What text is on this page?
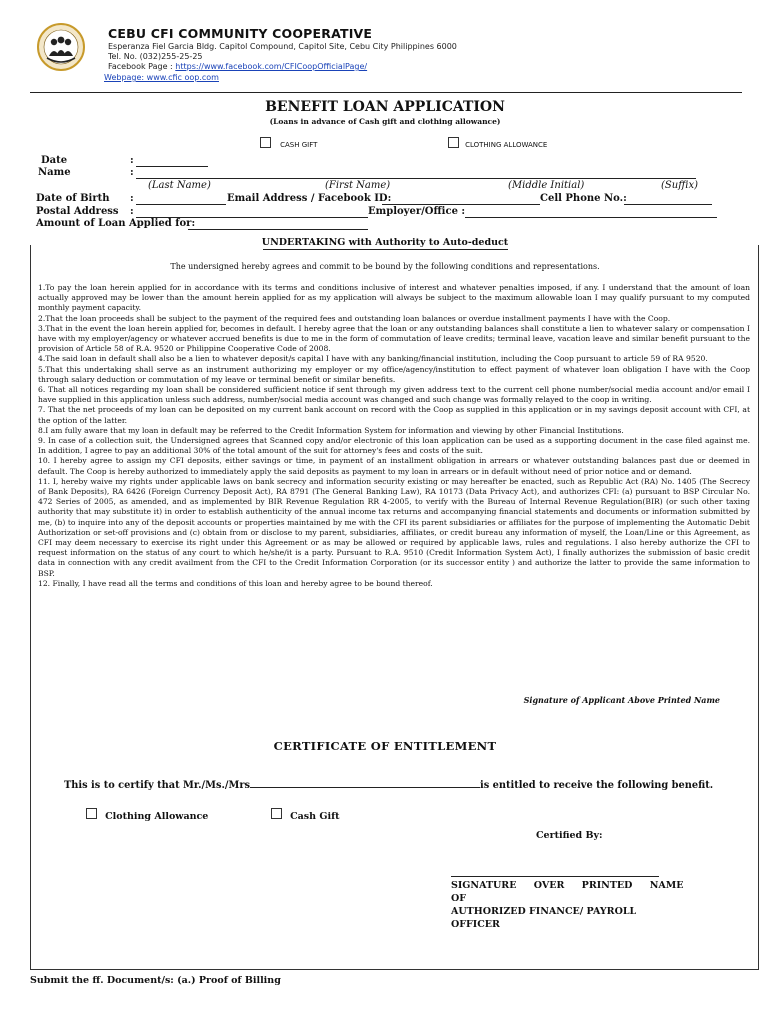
CEBU CFI COMMUNITY COOPERATIVE
Esperanza Fiel Garcia Bldg. Capitol Compound, Capitol Site, Cebu City Philippines 6000
Tel. No. (032)255-25-25
Facebook Page : https://www.facebook.com/CFICoopOfficialPage/
Webpage: www.cfic oop.com
BENEFIT LOAN APPLICATION
(Loans in advance of Cash gift and clothing allowance)
CASH GIFT	CLOTHING ALLOWANCE
Date	:
Name	:
(Last Name)	(First Name)	(Middle Initial)	(Suffix)
Date of Birth :	Email Address / Facebook ID:	Cell Phone No.:
Postal Address :	Employer/Office :
Amount of Loan Applied for:
UNDERTAKING with Authority to Auto-deduct
The undersigned hereby agrees and commit to be bound by the following conditions and representations.

1.To pay the loan herein applied for in accordance with its terms and conditions inclusive of interest and whatever penalties imposed, if any. I understand that the amount of loan actually approved may be lower than the amount herein applied for as my application will always be subject to the maximum allowable loan I may qualify pursuant to my computed monthly payment capacity.

2.That the loan proceeds shall be subject to the payment of the required fees and outstanding loan balances or overdue installment payments I have with the Coop.

3.That in the event the loan herein applied for, becomes in default. I hereby agree that the loan or any outstanding balances shall constitute a lien to whatever salary or compensation I have with my employer/agency or whatever accrued benefits is due to me in the form of commutation of leave credits; terminal leave, vacation leave and similar benefit pursuant to the provision of Article 58 of R.A. 9520 or Philippine Cooperative Code of 2008.

4.The said loan in default shall also be a lien to whatever deposit/s capital I have with any banking/financial institution, including the Coop pursuant to article 59 of RA 9520.

5.That this undertaking shall serve as an instrument authorizing my employer or my office/agency/institution to effect payment of whatever loan obligation I have with the Coop through salary deduction or commutation of my leave or terminal benefit or similar benefits.

6. That all notices regarding my loan shall be considered sufficient notice if sent through my given address text to the current cell phone number/social media account and/or email I have supplied in this application unless such address, number/social media account was changed and such change was formally relayed to the coop in writing.

7. That the net proceeds of my loan can be deposited on my current bank account on record with the Coop as supplied in this application or in my savings deposit account with CFI, at the option of the latter.

8.I am fully aware that my loan in default may be referred to the Credit Information System for information and viewing by other Financial Institutions.

9. In case of a collection suit, the Undersigned agrees that Scanned copy and/or electronic of this loan application can be used as a supporting document in the case filed against me. In addition, I agree to pay an additional 30% of the total amount of the suit for attorney's fees and costs of the suit.

10. I hereby agree to assign my CFI deposits, either savings or time, in payment of an installment obligation in arrears or whatever outstanding balances past due or deemed in default. The Coop is hereby authorized to immediately apply the said deposits as payment to my loan in arrears or in default without need of prior notice and or demand.

11. I, hereby waive my rights under applicable laws on bank secrecy and information security existing or may hereafter be enacted, such as Republic Act (RA) No. 1405 (The Secrecy of Bank Deposits), RA 6426 (Foreign Currency Deposit Act), RA 8791 (The General Banking Law), RA 10173 (Data Privacy Act), and authorizes CFI: (a) pursuant to BSP Circular No. 472 Series of 2005, as amended, and as implemented by BIR Revenue Regulation RR 4-2005, to verify with the Bureau of Internal Revenue Regulation(BIR) (or such other taxing authority that may substitute it) in order to establish authenticity of the annual income tax returns and accompanying financial statements and documents or information submitted by me, (b) to inquire into any of the deposit accounts or properties maintained by me with the CFI its parent subsidiaries or affiliates for the purpose of implementing the Automatic Debit Authorization or set-off provisions and (c) obtain from or disclose to my parent, subsidiaries, affiliates, or credit bureau any information of myself, the Loan/Line or this Agreement, as CFI may deem necessary to exercise its right under this Agreement or as may be allowed or required by applicable laws, rules and regulations. I also hereby authorize the CFI to request information on the status of any court to which he/she/it is a party. Pursuant to R.A. 9510 (Credit Information System Act), I finally authorizes the submission of basic credit data in connection with any credit availment from the CFI to the Credit Information Corporation (or its successor entity ) and authorize the latter to provide the same information to BSP.

12. Finally, I have read all the terms and conditions of this loan and hereby agree to be bound thereof.

Signature of Applicant Above Printed Name
CERTIFICATE OF ENTITLEMENT
This is to certify that Mr./Ms./Mrs	is entitled to receive the following benefit.
Clothing Allowance	Cash Gift
Certified By:
SIGNATURE OVER PRINTED NAME OF
AUTHORIZED FINANCE/ PAYROLL OFFICER
Submit the ff. Document/s: (a.) Proof of Billing
